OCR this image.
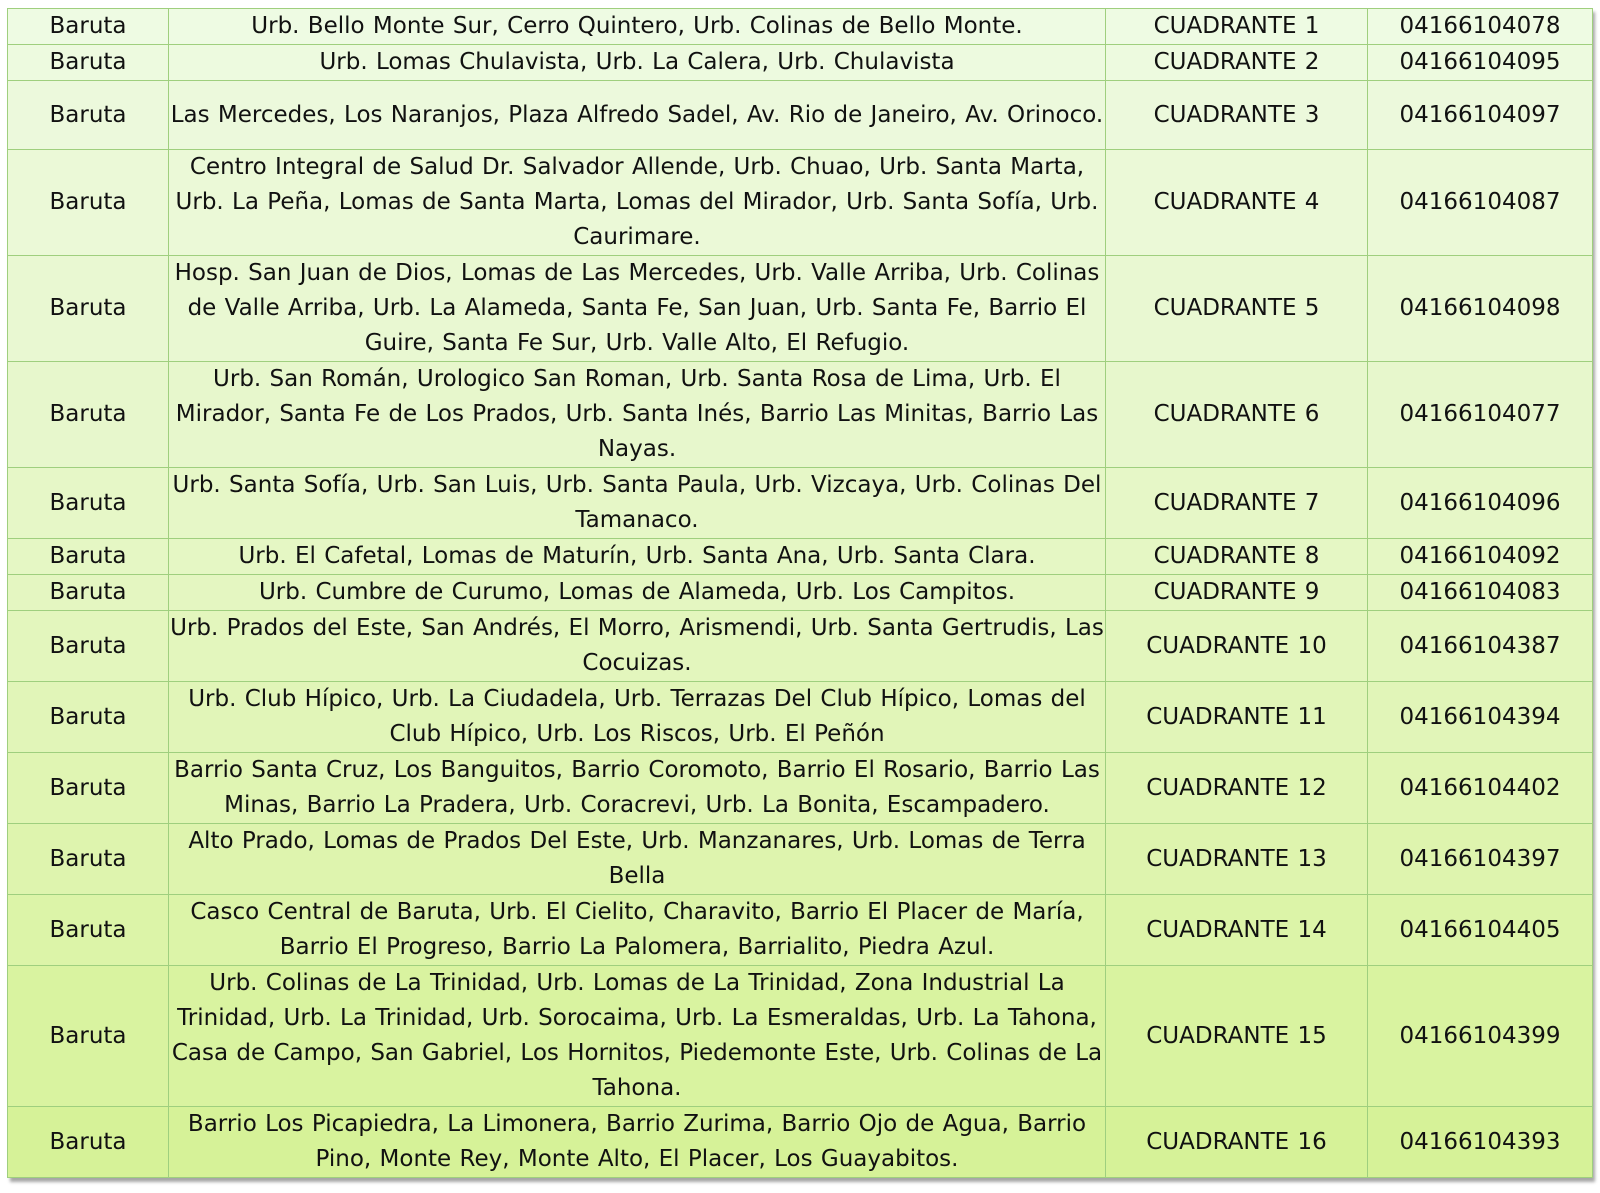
Baruta	Urb. Bello Monte Sur, Cerro Quintero, Urb. Colinas de Bello Monte.	CUADRANTE 1	04166104078
Baruta	Urb. Lomas Chulavista, Urb. La Calera, Urb. Chulavista	CUADRANTE 2	04166104095
Baruta	Las Mercedes, Los Naranjos, Plaza Alfredo Sadel, Av. Rio de Janeiro, Av. Orinoco.	CUADRANTE 3	04166104097
Baruta	Centro Integral de Salud Dr. Salvador Allende, Urb. Chuao, Urb. Santa Marta, Urb. La Peña, Lomas de Santa Marta, Lomas del Mirador, Urb. Santa Sofía, Urb. Caurimare.	CUADRANTE 4	04166104087
Baruta	Hosp. San Juan de Dios, Lomas de Las Mercedes, Urb. Valle Arriba, Urb. Colinas de Valle Arriba, Urb. La Alameda, Santa Fe, San Juan, Urb. Santa Fe, Barrio El Guire, Santa Fe Sur, Urb. Valle Alto, El Refugio.	CUADRANTE 5	04166104098
Baruta	Urb. San Román, Urologico San Roman, Urb. Santa Rosa de Lima, Urb. El Mirador, Santa Fe de Los Prados, Urb. Santa Inés, Barrio Las Minitas, Barrio Las Nayas.	CUADRANTE 6	04166104077
Baruta	Urb. Santa Sofía, Urb. San Luis, Urb. Santa Paula, Urb. Vizcaya, Urb. Colinas Del Tamanaco.	CUADRANTE 7	04166104096
Baruta	Urb. El Cafetal, Lomas de Maturín, Urb. Santa Ana, Urb. Santa Clara.	CUADRANTE 8	04166104092
Baruta	Urb. Cumbre de Curumo, Lomas de Alameda, Urb. Los Campitos.	CUADRANTE 9	04166104083
Baruta	Urb. Prados del Este, San Andrés, El Morro, Arismendi, Urb. Santa Gertrudis, Las Cocuizas.	CUADRANTE 10	04166104387
Baruta	Urb. Club Hípico, Urb. La Ciudadela, Urb. Terrazas Del Club Hípico, Lomas del Club Hípico, Urb. Los Riscos, Urb. El Peñón	CUADRANTE 11	04166104394
Baruta	Barrio Santa Cruz, Los Banguitos, Barrio Coromoto, Barrio El Rosario, Barrio Las Minas, Barrio La Pradera, Urb. Coracrevi, Urb. La Bonita, Escampadero.	CUADRANTE 12	04166104402
Baruta	Alto Prado, Lomas de Prados Del Este, Urb. Manzanares, Urb. Lomas de Terra Bella	CUADRANTE 13	04166104397
Baruta	Casco Central de Baruta, Urb. El Cielito, Charavito, Barrio El Placer de María, Barrio El Progreso, Barrio La Palomera, Barrialito, Piedra Azul.	CUADRANTE 14	04166104405
Baruta	Urb. Colinas de La Trinidad, Urb. Lomas de La Trinidad, Zona Industrial La Trinidad, Urb. La Trinidad, Urb. Sorocaima, Urb. La Esmeraldas, Urb. La Tahona, Casa de Campo, San Gabriel, Los Hornitos, Piedemonte Este, Urb. Colinas de La Tahona.	CUADRANTE 15	04166104399
Baruta	Barrio Los Picapiedra, La Limonera, Barrio Zurima, Barrio Ojo de Agua, Barrio Pino, Monte Rey, Monte Alto, El Placer, Los Guayabitos.	CUADRANTE 16	04166104393
